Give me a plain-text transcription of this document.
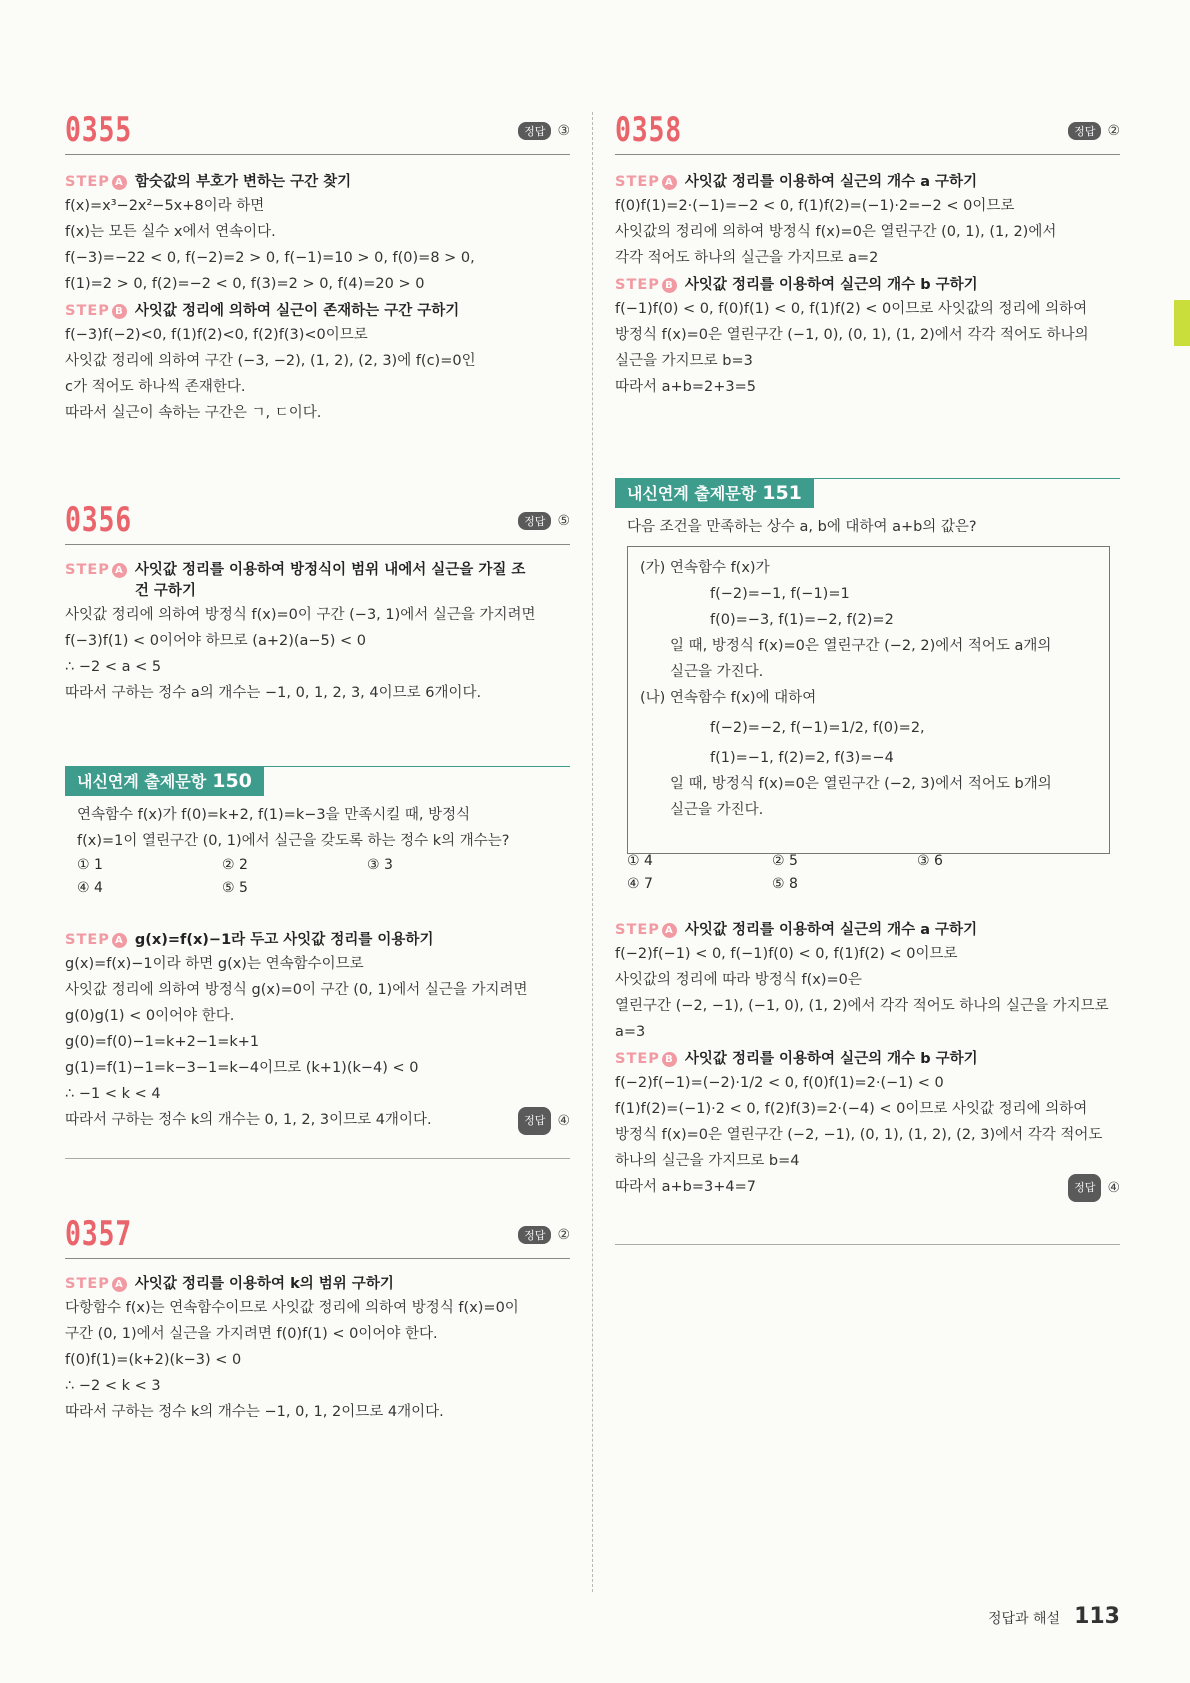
0355	정답 ③
STEP A 함숫값의 부호가 변하는 구간 찾기
f(x)=x³−2x²−5x+8이라 하면
f(x)는 모든 실수 x에서 연속이다.
f(−3)=−22 < 0, f(−2)=2 > 0, f(−1)=10 > 0, f(0)=8 > 0,
f(1)=2 > 0, f(2)=−2 < 0, f(3)=2 > 0, f(4)=20 > 0
STEP B 사잇값 정리에 의하여 실근이 존재하는 구간 구하기
f(−3)f(−2)<0, f(1)f(2)<0, f(2)f(3)<0이므로
사잇값 정리에 의하여 구간 (−3, −2), (1, 2), (2, 3)에 f(c)=0인
c가 적어도 하나씩 존재한다.
따라서 실근이 속하는 구간은 ㄱ, ㄷ이다.
0356	정답 ⑤
STEP A 사잇값 정리를 이용하여 방정식이 범위 내에서 실근을 가질 조건 구하기
사잇값 정리에 의하여 방정식 f(x)=0이 구간 (−3, 1)에서 실근을 가지려면
f(−3)f(1) < 0이어야 하므로 (a+2)(a−5) < 0
∴ −2 < a < 5
따라서 구하는 정수 a의 개수는 −1, 0, 1, 2, 3, 4이므로 6개이다.
내신연계 출제문항 150
연속함수 f(x)가 f(0)=k+2, f(1)=k−3을 만족시킬 때, 방정식
f(x)=1이 열린구간 (0, 1)에서 실근을 갖도록 하는 정수 k의 개수는?
① 1	② 2	③ 3
④ 4	⑤ 5
STEP A g(x)=f(x)−1라 두고 사잇값 정리를 이용하기
g(x)=f(x)−1이라 하면 g(x)는 연속함수이므로
사잇값 정리에 의하여 방정식 g(x)=0이 구간 (0, 1)에서 실근을 가지려면
g(0)g(1) < 0이어야 한다.
g(0)=f(0)−1=k+2−1=k+1
g(1)=f(1)−1=k−3−1=k−4이므로 (k+1)(k−4) < 0
∴ −1 < k < 4
따라서 구하는 정수 k의 개수는 0, 1, 2, 3이므로 4개이다.	정답 ④
0357	정답 ②
STEP A 사잇값 정리를 이용하여 k의 범위 구하기
다항함수 f(x)는 연속함수이므로 사잇값 정리에 의하여 방정식 f(x)=0이
구간 (0, 1)에서 실근을 가지려면 f(0)f(1) < 0이어야 한다.
f(0)f(1)=(k+2)(k−3) < 0
∴ −2 < k < 3
따라서 구하는 정수 k의 개수는 −1, 0, 1, 2이므로 4개이다.
0358	정답 ②
STEP A 사잇값 정리를 이용하여 실근의 개수 a 구하기
f(0)f(1)=2·(−1)=−2 < 0, f(1)f(2)=(−1)·2=−2 < 0이므로
사잇값의 정리에 의하여 방정식 f(x)=0은 열린구간 (0, 1), (1, 2)에서
각각 적어도 하나의 실근을 가지므로 a=2
STEP B 사잇값 정리를 이용하여 실근의 개수 b 구하기
f(−1)f(0) < 0, f(0)f(1) < 0, f(1)f(2) < 0이므로 사잇값의 정리에 의하여
방정식 f(x)=0은 열린구간 (−1, 0), (0, 1), (1, 2)에서 각각 적어도 하나의
실근을 가지므로 b=3
따라서 a+b=2+3=5
내신연계 출제문항 151
다음 조건을 만족하는 상수 a, b에 대하여 a+b의 값은?
(가) 연속함수 f(x)가
f(−2)=−1, f(−1)=1
f(0)=−3, f(1)=−2, f(2)=2
일 때, 방정식 f(x)=0은 열린구간 (−2, 2)에서 적어도 a개의
실근을 가진다.
(나) 연속함수 f(x)에 대하여
f(−2)=−2, f(−1)=1/2, f(0)=2,
f(1)=−1, f(2)=2, f(3)=−4
일 때, 방정식 f(x)=0은 열린구간 (−2, 3)에서 적어도 b개의
실근을 가진다.
① 4	② 5	③ 6
④ 7	⑤ 8
STEP A 사잇값 정리를 이용하여 실근의 개수 a 구하기
f(−2)f(−1) < 0, f(−1)f(0) < 0, f(1)f(2) < 0이므로
사잇값의 정리에 따라 방정식 f(x)=0은
열린구간 (−2, −1), (−1, 0), (1, 2)에서 각각 적어도 하나의 실근을 가지므로
a=3
STEP B 사잇값 정리를 이용하여 실근의 개수 b 구하기
f(−2)f(−1)=(−2)·1/2 < 0, f(0)f(1)=2·(−1) < 0
f(1)f(2)=(−1)·2 < 0, f(2)f(3)=2·(−4) < 0이므로 사잇값 정리에 의하여
방정식 f(x)=0은 열린구간 (−2, −1), (0, 1), (1, 2), (2, 3)에서 각각 적어도
하나의 실근을 가지므로 b=4
따라서 a+b=3+4=7	정답 ④
정답과 해설 113
